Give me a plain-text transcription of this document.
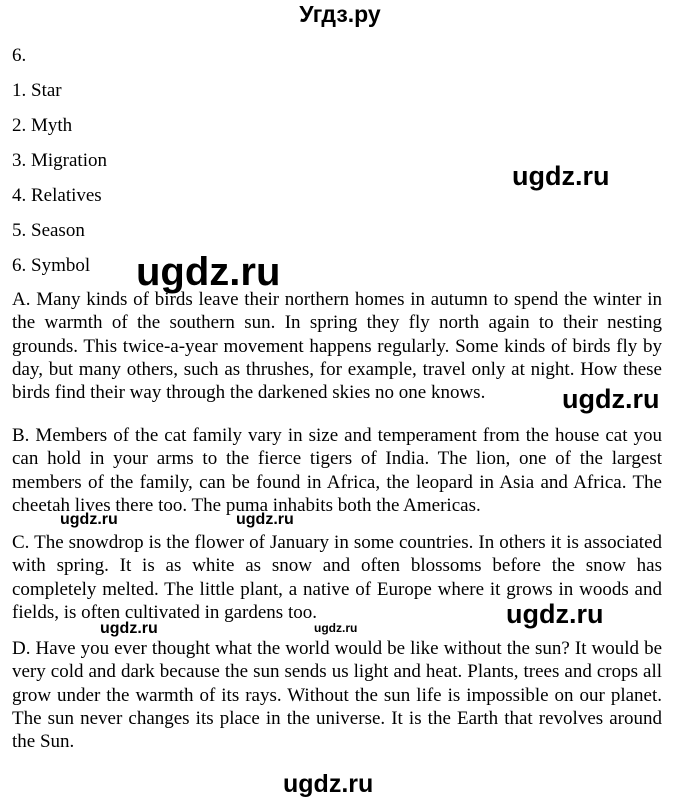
Угдз.ру
6.
1. Star
2. Myth
3. Migration
4. Relatives
5. Season
6. Symbol

A. Many kinds of birds leave their northern homes in autumn to spend the winter in the warmth of the southern sun. In spring they fly north again to their nesting grounds. This twice-a-year movement happens regularly. Some kinds of birds fly by day, but many others, such as thrushes, for example, travel only at night. How these birds find their way through the darkened skies no one knows.

B. Members of the cat family vary in size and temperament from the house cat you can hold in your arms to the fierce tigers of India. The lion, one of the largest members of the family, can be found in Africa, the leopard in Asia and Africa. The cheetah lives there too. The puma inhabits both the Americas.

C. The snowdrop is the flower of January in some countries. In others it is associated with spring. It is as white as snow and often blossoms before the snow has completely melted. The little plant, a native of Europe where it grows in woods and fields, is often cultivated in gardens too.

D. Have you ever thought what the world would be like without the sun? It would be very cold and dark because the sun sends us light and heat. Plants, trees and crops all grow under the warmth of its rays. Without the sun life is impossible on our planet. The sun never changes its place in the universe. It is the Earth that revolves around the Sun.

ugdz.ru
ugdz.ru
ugdz.ru
ugdz.ru	ugdz.ru
ugdz.ru
ugdz.ru	ugdz.ru
ugdz.ru
